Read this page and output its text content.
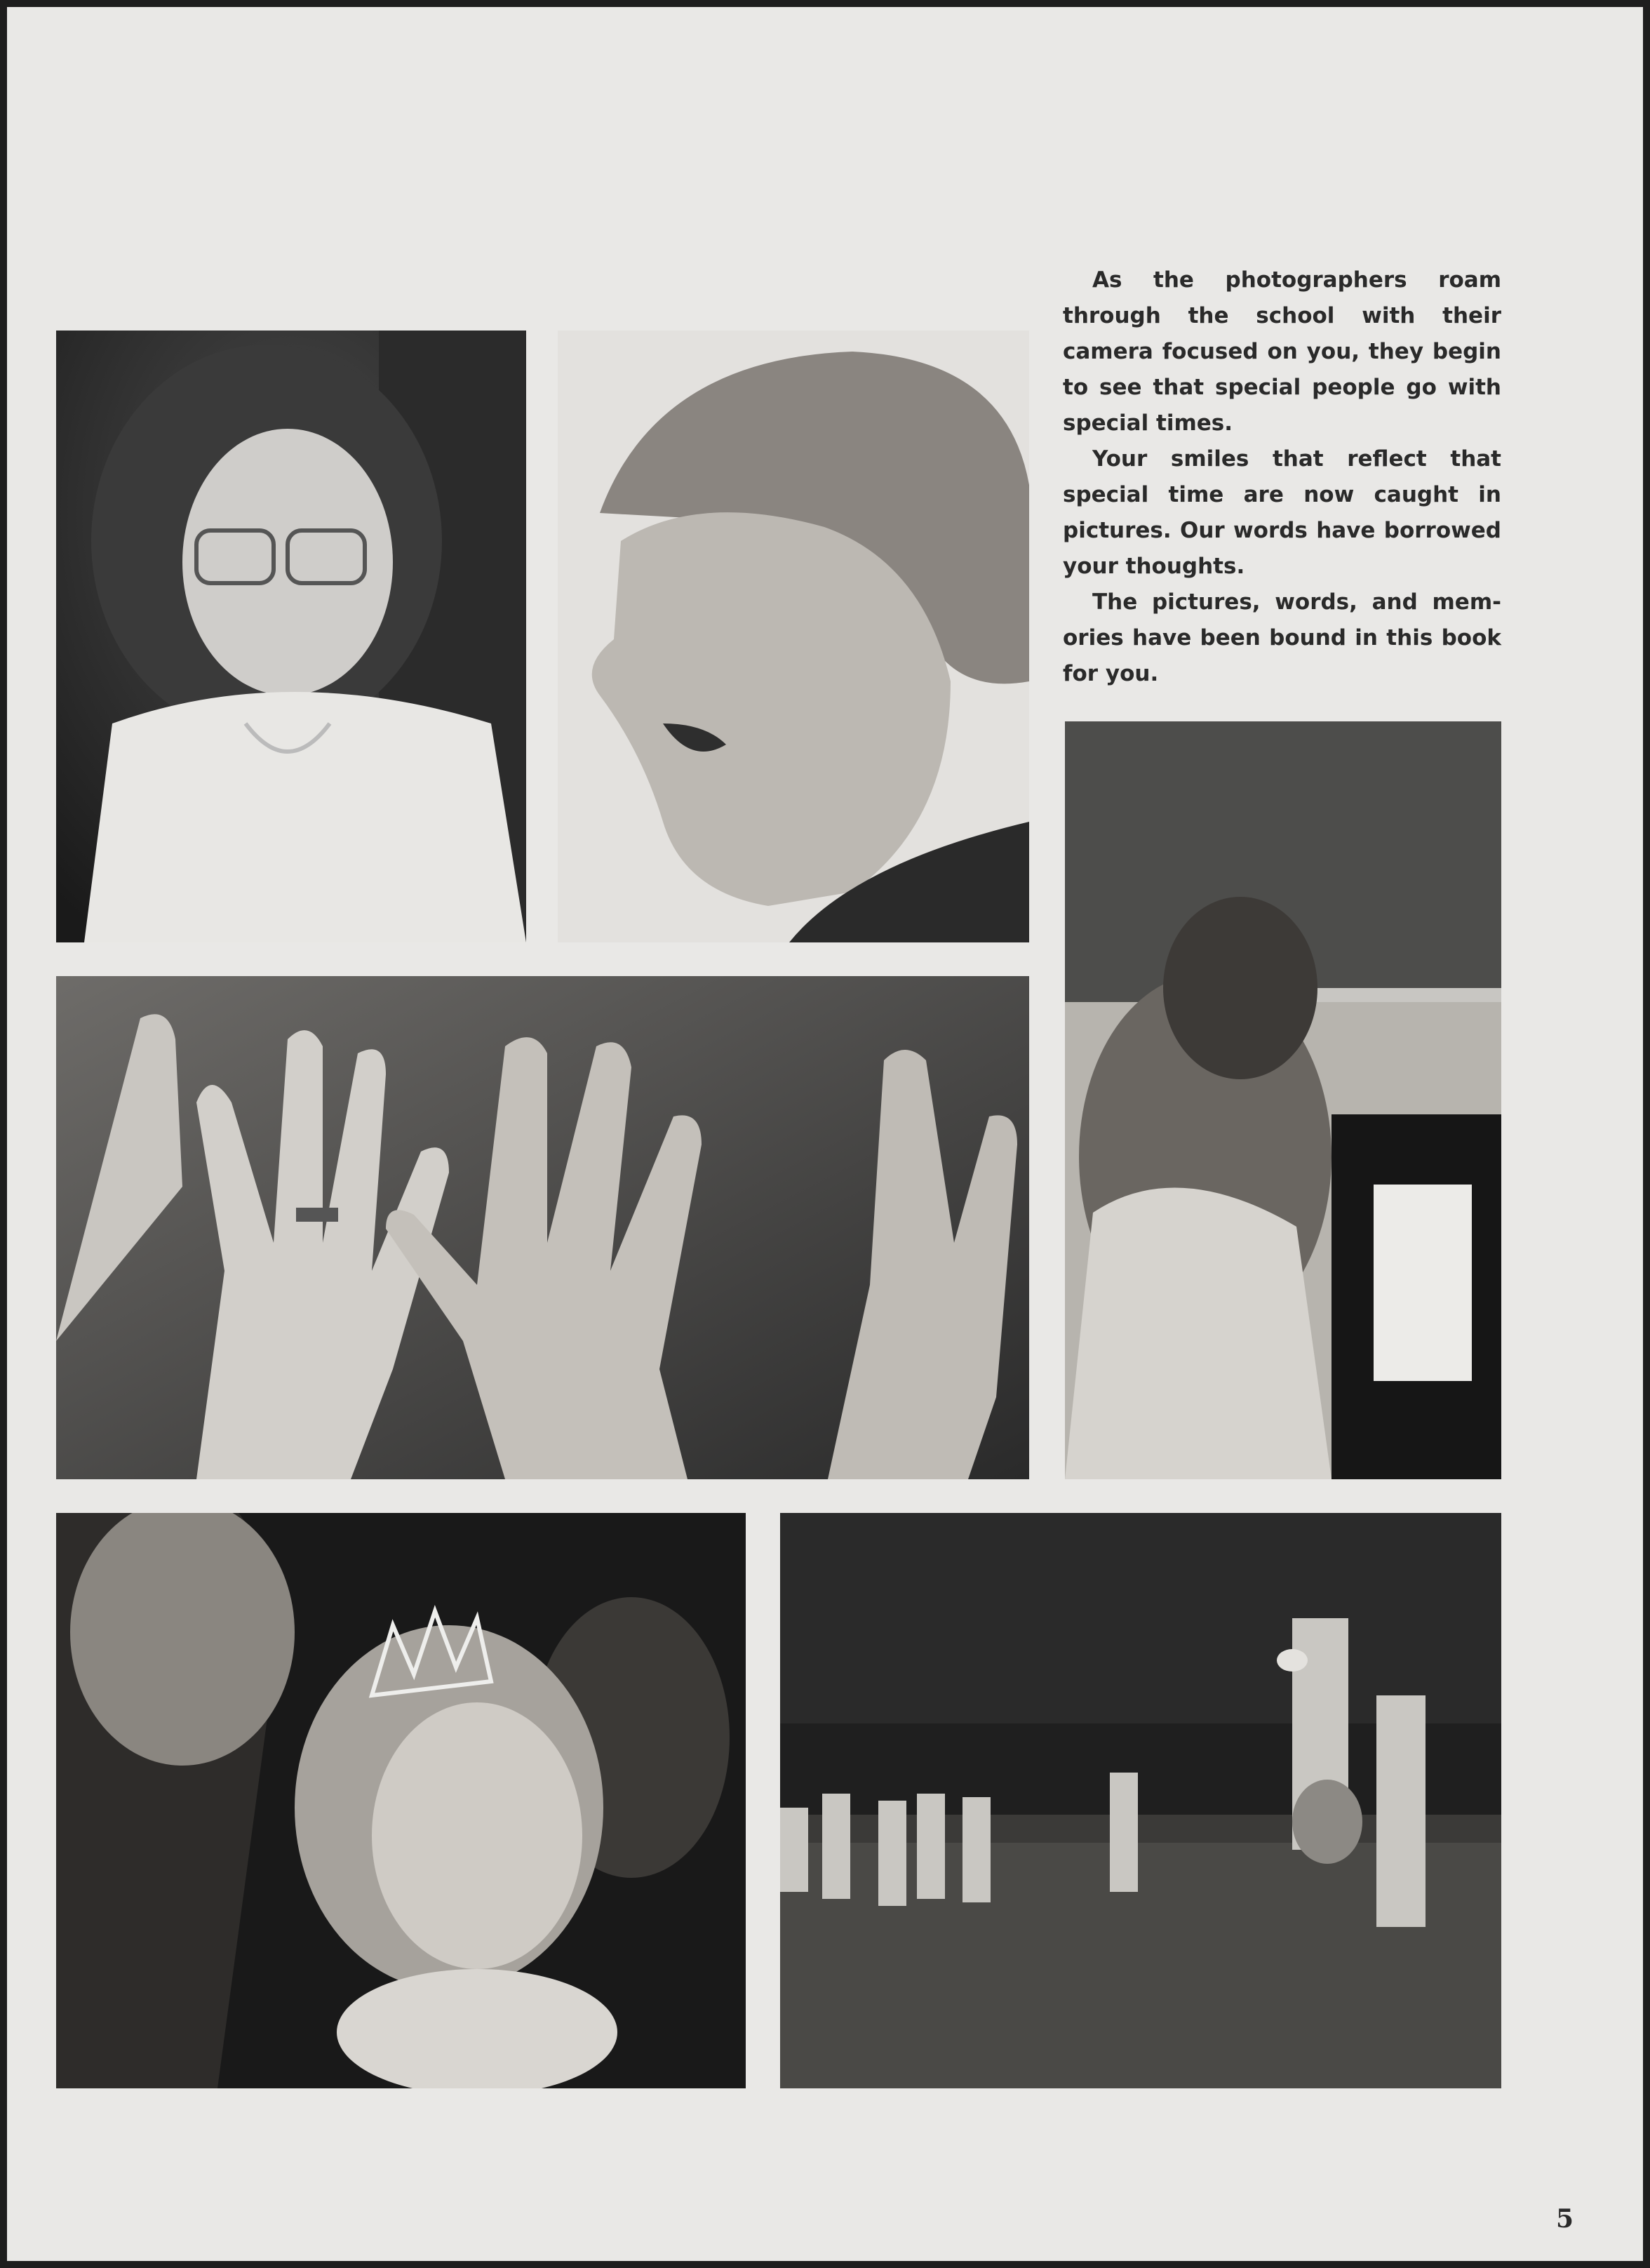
As the photographers roam through the school with their camera focused on you, they begin to see that special people go with special times.

Your smiles that reflect that special time are now caught in pictures. Our words have borrowed your thoughts.

The pictures, words, and memories have been bound in this book for you.

5
